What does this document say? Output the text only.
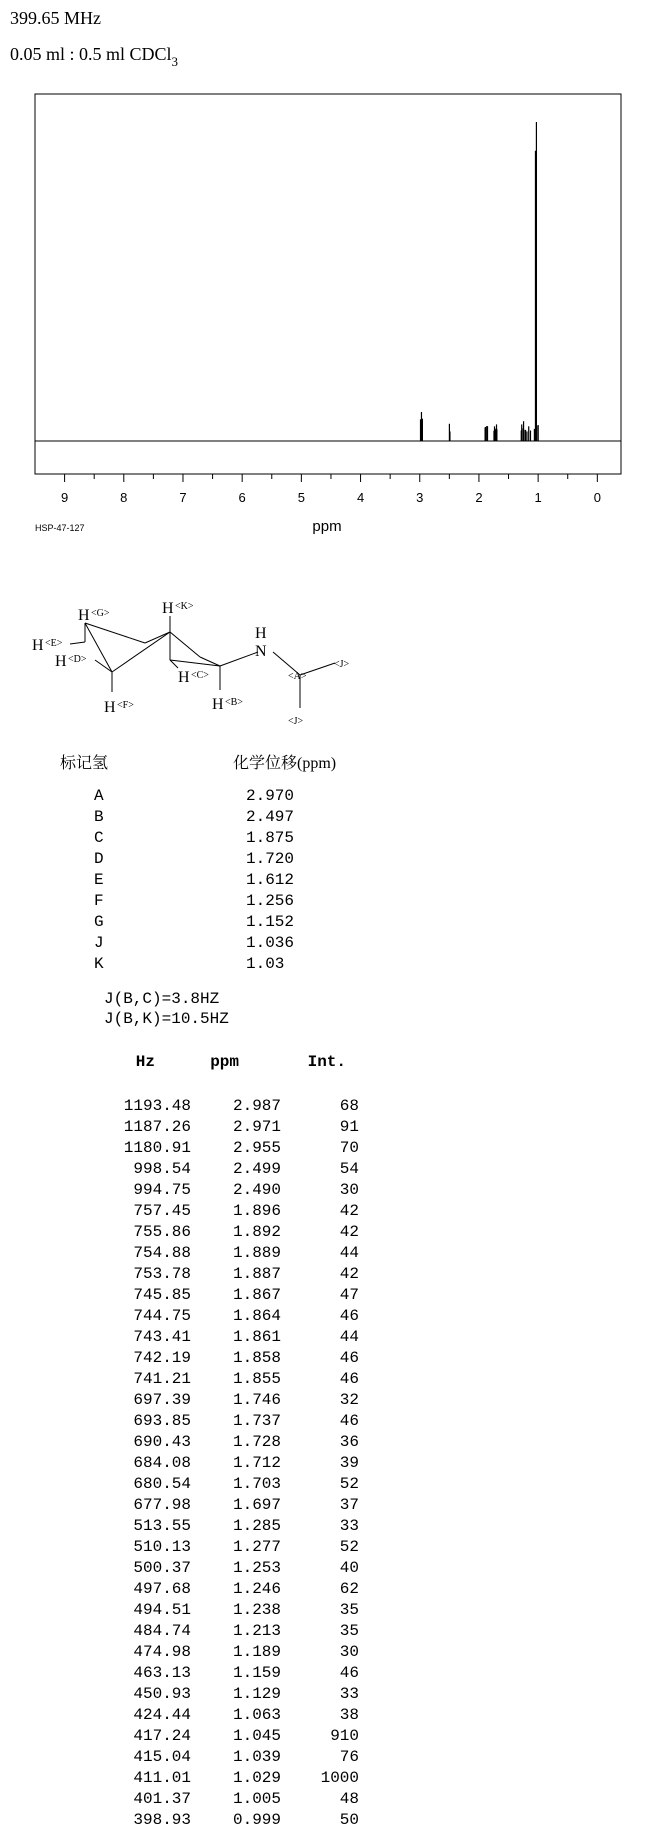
399.65 MHz
0.05 ml : 0.5 ml CDCl$_3$
9	8	7	6	5	4	3	2	1	0
ppm
HSP-47-127
H <G>	H <K>
H <E>
H <D>
H <C>
H <F>	H <B>
H
N
<A>
<J>
<J>
标记氢	化学位移(ppm)
A	2.970
B	2.497
C	1.875
D	1.720
E	1.612
F	1.256
G	1.152
J	1.036
K	1.03
J(B,C)=3.8HZ
J(B,K)=10.5HZ
Hz	ppm	Int.
1193.48	2.987	68
1187.26	2.971	91
1180.91	2.955	70
998.54	2.499	54
994.75	2.490	30
757.45	1.896	42
755.86	1.892	42
754.88	1.889	44
753.78	1.887	42
745.85	1.867	47
744.75	1.864	46
743.41	1.861	44
742.19	1.858	46
741.21	1.855	46
697.39	1.746	32
693.85	1.737	46
690.43	1.728	36
684.08	1.712	39
680.54	1.703	52
677.98	1.697	37
513.55	1.285	33
510.13	1.277	52
500.37	1.253	40
497.68	1.246	62
494.51	1.238	35
484.74	1.213	35
474.98	1.189	30
463.13	1.159	46
450.93	1.129	33
424.44	1.063	38
417.24	1.045	910
415.04	1.039	76
411.01	1.029	1000
401.37	1.005	48
398.93	0.999	50
